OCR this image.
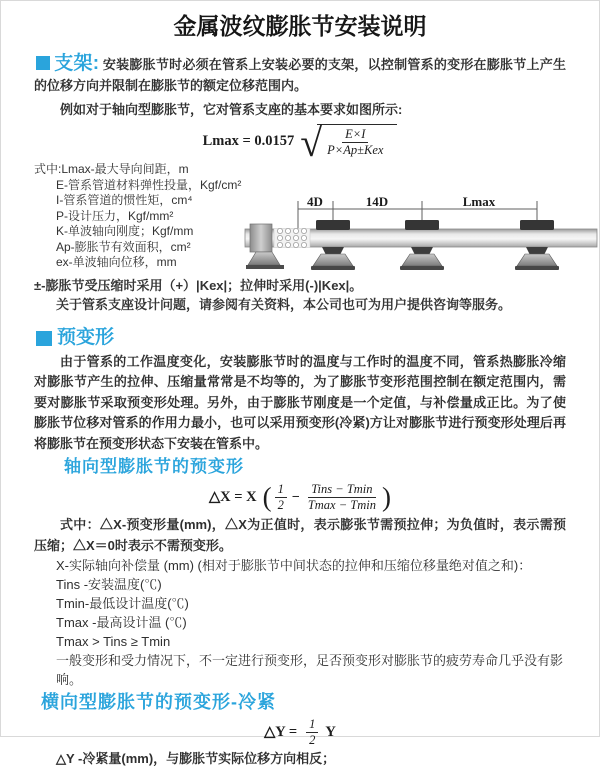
金属波纹膨胀节安装说明

支架: 安装膨胀节时必须在管系上安装必要的支架，以控制管系的变形在膨胀节上产生的位移方向并限制在膨胀节的额定位移范围内。

例如对于轴向型膨胀节，它对管系支座的基本要求如图所示:

Lmax = 0.0157 √ $\frac{E\times I}{\text{P×Ap±Kex}}$
式中:Lmax-最大导向间距，m
E-管系管道材料弹性投量，Kgf/cm²
I-管系管道的惯性矩，cm⁴
P-设计压力，Kgf/mm²
K-单波轴向刚度；Kgf/mm
Ap-膨胀节有效面积，cm²
ex-单波轴向位移，mm
±-膨胀节受压缩时采用（+）|Kex|；拉伸时采用(-)|Kex|。
关于管系支座设计问题，请参阅有关资料，本公司也可为用户提供咨询等服务。
4D	14D	Lmax
预变形

由于管系的工作温度变化，安装膨胀节时的温度与工作时的温度不同，管系热膨胀冷缩对膨胀节产生的拉伸、压缩量常常是不均等的，为了膨胀节变形范围控制在额定范围内，需要对膨胀节采取预变形处理。另外，由于膨胀节刚度是一个定值，与补偿量成正比。为了使膨胀节位移对管系的作用力最小，也可以采用预变形(冷紧)方让对膨胀节进行预变形处理后再将膨胀节在预变形状态下安装在管系中。

轴向型膨胀节的预变形
△X = X ( $\frac{1}{2} - \frac{\text{Tins − Tmin}}{Tmax - Tmin}$ )

式中：△X-预变形量(mm)，△X为正值时，表示膨张节需预拉伸；为负值时，表示需预压缩；△X＝0时表示不需预变形。

X-实际轴向补偿量 (mm) (相对于膨胀节中间状态的拉伸和压缩位移量绝对值之和)：
Tins -安装温度(℃)
Tmin-最低设计温度(℃)
Tmax -最高设计温 (℃)
Tmax > Tins ≥ Tmin
一般变形和受力情况下，不一定进行预变形，足否预变形对膨胀节的疲劳寿命几乎没有影响。
横向型膨胀节的预变形-冷紧
△Y = $\frac{1}{2}$ Y
△Y -冷紧量(mm)，与膨胀节实际位移方向相反；
